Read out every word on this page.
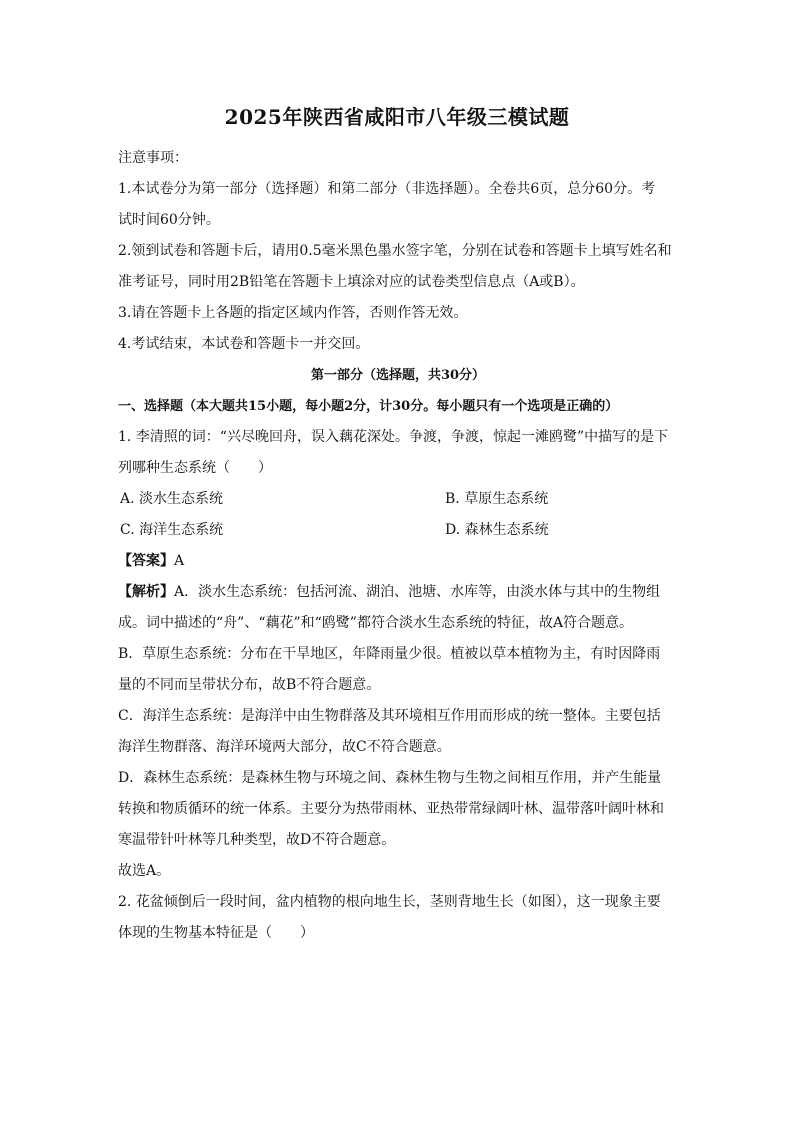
2025年陕西省咸阳市八年级三模试题
注意事项：
1.本试卷分为第一部分（选择题）和第二部分（非选择题）。全卷共6页，总分60分。考
试时间60分钟。
2.领到试卷和答题卡后，请用0.5毫米黑色墨水签字笔，分别在试卷和答题卡上填写姓名和
准考证号，同时用2B铅笔在答题卡上填涂对应的试卷类型信息点（A或B）。
3.请在答题卡上各题的指定区域内作答，否则作答无效。
4.考试结束，本试卷和答题卡一并交回。
第一部分（选择题，共30分）
一、选择题（本大题共15小题，每小题2分，计30分。每小题只有一个选项是正确的）
1. 李清照的词：“兴尽晚回舟，误入藕花深处。争渡，争渡，惊起一滩鸥鹭”中描写的是下
列哪种生态系统（　　）
A. 淡水生态系统	B. 草原生态系统
C. 海洋生态系统	D. 森林生态系统
【答案】A
【解析】A．淡水生态系统：包括河流、湖泊、池塘、水库等，由淡水体与其中的生物组
成。词中描述的“舟”、“藕花”和“鸥鹭”都符合淡水生态系统的特征，故A符合题意。
B．草原生态系统：分布在干旱地区，年降雨量少很。植被以草本植物为主，有时因降雨
量的不同而呈带状分布，故B不符合题意。
C．海洋生态系统：是海洋中由生物群落及其环境相互作用而形成的统一整体。主要包括
海洋生物群落、海洋环境两大部分，故C不符合题意。
D．森林生态系统：是森林生物与环境之间、森林生物与生物之间相互作用，并产生能量
转换和物质循环的统一体系。主要分为热带雨林、亚热带常绿阔叶林、温带落叶阔叶林和
寒温带针叶林等几种类型，故D不符合题意。
故选A。
2. 花盆倾倒后一段时间，盆内植物的根向地生长，茎则背地生长（如图），这一现象主要
体现的生物基本特征是（　　）
